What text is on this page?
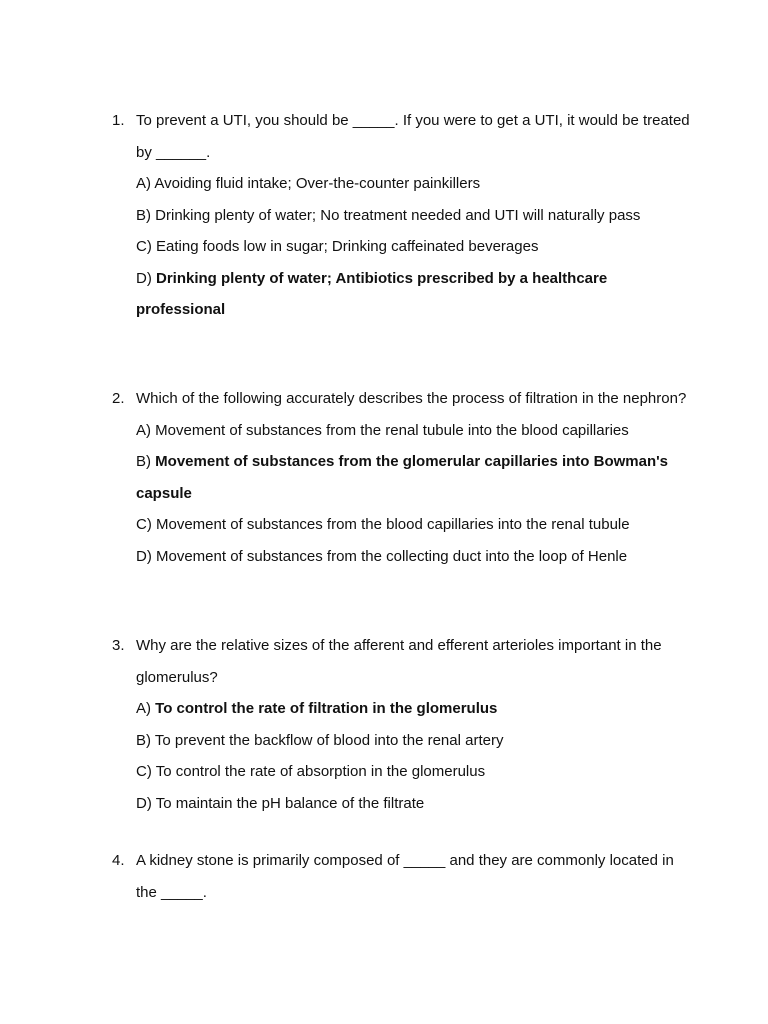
1. To prevent a UTI, you should be _____. If you were to get a UTI, it would be treated by ______.
A) Avoiding fluid intake; Over-the-counter painkillers
B) Drinking plenty of water; No treatment needed and UTI will naturally pass
C) Eating foods low in sugar; Drinking caffeinated beverages
D) Drinking plenty of water; Antibiotics prescribed by a healthcare professional
2. Which of the following accurately describes the process of filtration in the nephron?
A) Movement of substances from the renal tubule into the blood capillaries
B) Movement of substances from the glomerular capillaries into Bowman's capsule
C) Movement of substances from the blood capillaries into the renal tubule
D) Movement of substances from the collecting duct into the loop of Henle
3. Why are the relative sizes of the afferent and efferent arterioles important in the glomerulus?
A) To control the rate of filtration in the glomerulus
B) To prevent the backflow of blood into the renal artery
C) To control the rate of absorption in the glomerulus
D) To maintain the pH balance of the filtrate
4. A kidney stone is primarily composed of _____ and they are commonly located in the _____.
